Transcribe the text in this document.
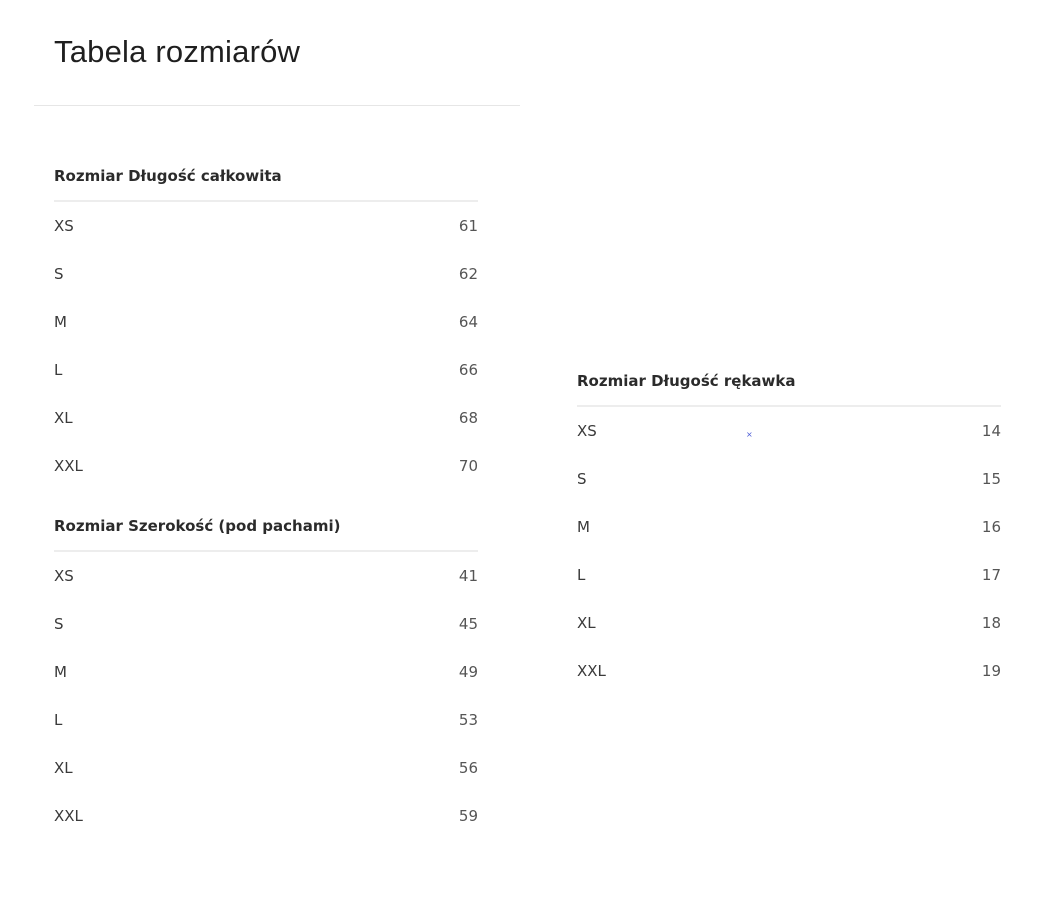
Tabela rozmiarów
Rozmiar Długość całkowita
XS	61
S	62
M	64
L	66
XL	68
XXL	70
Rozmiar Szerokość (pod pachami)
XS	41
S	45
M	49
L	53
XL	56
XXL	59
Rozmiar Długość rękawka
XS	14
S	15
M	16
L	17
XL	18
XXL	19
×
